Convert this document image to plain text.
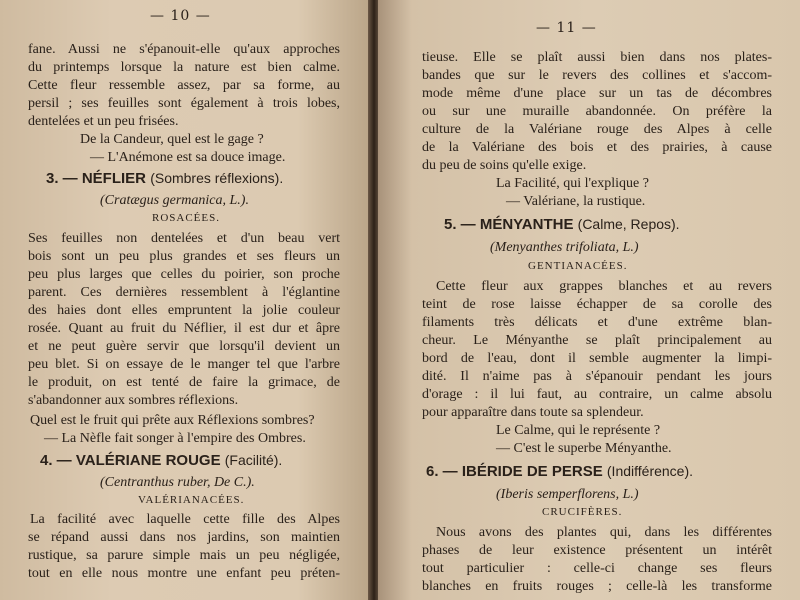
— 10 —
fane. Aussi ne s'épanouit-elle qu'aux approches
du printemps lorsque la nature est bien calme.
Cette fleur ressemble assez, par sa forme, au
persil ; ses feuilles sont également à trois lobes,
dentelées et un peu frisées.
De la Candeur, quel est le gage ?
— L'Anémone est sa douce image.
3. — NÉFLIER (Sombres réflexions).
(Cratægus germanica, L.).
ROSACÉES.
Ses feuilles non dentelées et d'un beau vert
bois sont un peu plus grandes et ses fleurs un
peu plus larges que celles du poirier, son proche
parent. Ces dernières ressemblent à l'églantine
des haies dont elles empruntent la jolie couleur
rosée. Quant au fruit du Néflier, il est dur et âpre
et ne peut guère servir que lorsqu'il devient un
peu blet. Si on essaye de le manger tel que l'arbre
le produit, on est tenté de faire la grimace, de
s'abandonner aux sombres réflexions.
Quel est le fruit qui prête aux Réflexions sombres?
— La Nèfle fait songer à l'empire des Ombres.
4. — VALÉRIANE ROUGE (Facilité).
(Centranthus ruber, De C.).
VALÉRIANACÉES.
La facilité avec laquelle cette fille des Alpes
se répand aussi dans nos jardins, son maintien
rustique, sa parure simple mais un peu négligée,
tout en elle nous montre une enfant peu préten-
— 11 —
tieuse. Elle se plaît aussi bien dans nos plates-
bandes que sur le revers des collines et s'accom-
mode même d'une place sur un tas de décombres
ou sur une muraille abandonnée. On préfère la
culture de la Valériane rouge des Alpes à celle
de la Valériane des bois et des prairies, à cause
du peu de soins qu'elle exige.
La Facilité, qui l'explique ?
— Valériane, la rustique.
5. — MÉNYANTHE (Calme, Repos).
(Menyanthes trifoliata, L.)
GENTIANACÉES.
Cette fleur aux grappes blanches et au revers
teint de rose laisse échapper de sa corolle des
filaments très délicats et d'une extrême blan-
cheur. Le Ményanthe se plaît principalement au
bord de l'eau, dont il semble augmenter la limpi-
dité. Il n'aime pas à s'épanouir pendant les jours
d'orage : il lui faut, au contraire, un calme absolu
pour apparaître dans toute sa splendeur.
Le Calme, qui le représente ?
— C'est le superbe Ményanthe.
6. — IBÉRIDE DE PERSE (Indifférence).
(Iberis semperflorens, L.)
CRUCIFÈRES.
Nous avons des plantes qui, dans les différentes
phases de leur existence présentent un intérêt
tout particulier : celle-ci change ses fleurs
blanches en fruits rouges ; celle-là les transforme
